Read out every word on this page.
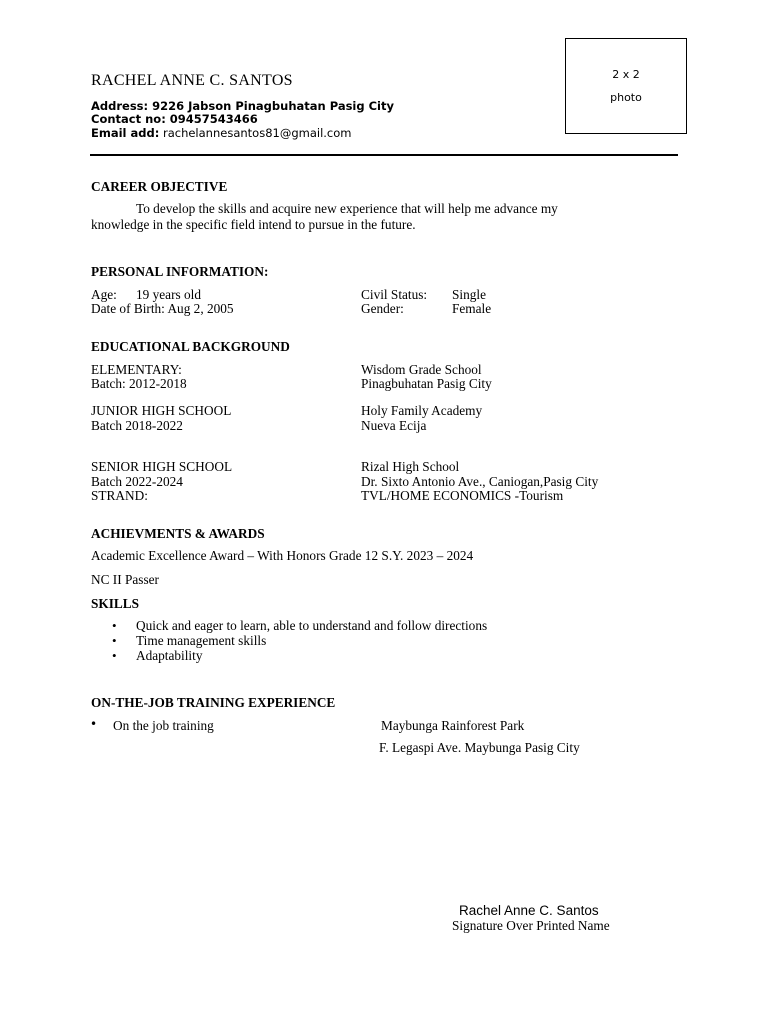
2 x 2
photo
RACHEL ANNE C. SANTOS
Address: 9226 Jabson Pinagbuhatan Pasig City
Contact no: 09457543466
Email add: rachelannesantos81@gmail.com
CAREER OBJECTIVE
To develop the skills and acquire new experience that will help me advance my
knowledge in the specific field intend to pursue in the future.
PERSONAL INFORMATION:
Age: 19 years old
Date of Birth: Aug 2, 2005
Civil Status: Single
Gender:	Female
EDUCATIONAL BACKGROUND
ELEMENTARY:
Batch: 2012-2018
Wisdom Grade School
Pinagbuhatan Pasig City
JUNIOR HIGH SCHOOL
Batch 2018-2022
Holy Family Academy
Nueva Ecija
SENIOR HIGH SCHOOL
Batch 2022-2024
STRAND:
Rizal High School
Dr. Sixto Antonio Ave., Caniogan,Pasig City
TVL/HOME ECONOMICS -Tourism
ACHIEVMENTS & AWARDS
Academic Excellence Award – With Honors Grade 12 S.Y. 2023 – 2024
NC II Passer
SKILLS
• Quick and eager to learn, able to understand and follow directions
• Time management skills
• Adaptability
ON-THE-JOB TRAINING EXPERIENCE
• On the job training	Maybunga Rainforest Park
F. Legaspi Ave. Maybunga Pasig City
Rachel Anne C. Santos
Signature Over Printed Name
